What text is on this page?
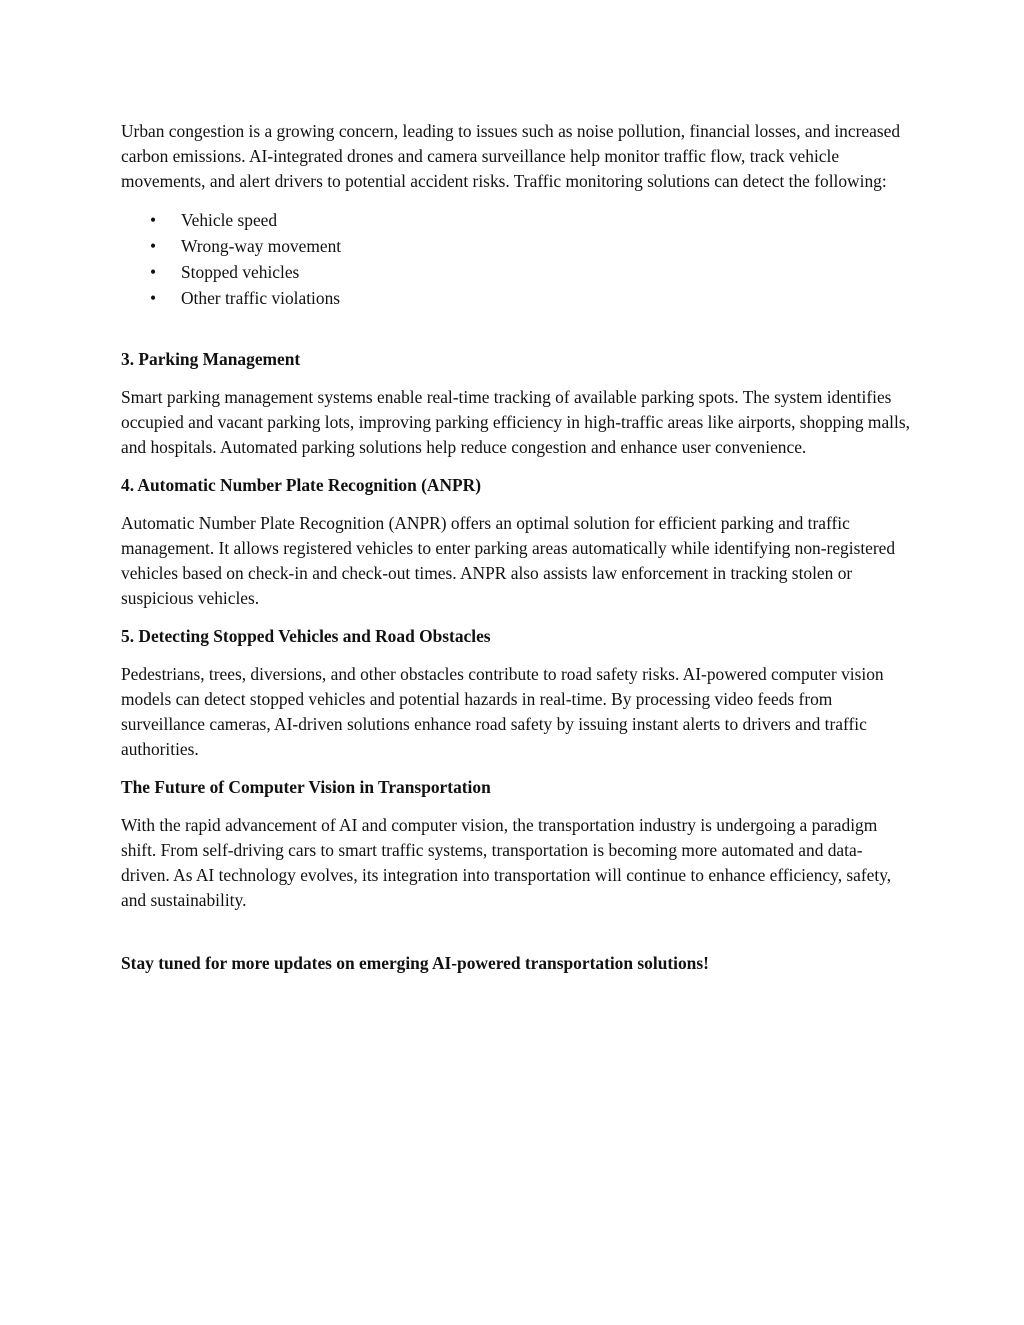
Urban congestion is a growing concern, leading to issues such as noise pollution, financial losses, and increased carbon emissions. AI-integrated drones and camera surveillance help monitor traffic flow, track vehicle movements, and alert drivers to potential accident risks. Traffic monitoring solutions can detect the following:

• Vehicle speed
• Wrong-way movement
• Stopped vehicles
• Other traffic violations
3. Parking Management

Smart parking management systems enable real-time tracking of available parking spots. The system identifies occupied and vacant parking lots, improving parking efficiency in high-traffic areas like airports, shopping malls, and hospitals. Automated parking solutions help reduce congestion and enhance user convenience.

4. Automatic Number Plate Recognition (ANPR)

Automatic Number Plate Recognition (ANPR) offers an optimal solution for efficient parking and traffic management. It allows registered vehicles to enter parking areas automatically while identifying non-registered vehicles based on check-in and check-out times. ANPR also assists law enforcement in tracking stolen or suspicious vehicles.

5. Detecting Stopped Vehicles and Road Obstacles

Pedestrians, trees, diversions, and other obstacles contribute to road safety risks. AI-powered computer vision models can detect stopped vehicles and potential hazards in real-time. By processing video feeds from surveillance cameras, AI-driven solutions enhance road safety by issuing instant alerts to drivers and traffic authorities.

The Future of Computer Vision in Transportation

With the rapid advancement of AI and computer vision, the transportation industry is undergoing a paradigm shift. From self-driving cars to smart traffic systems, transportation is becoming more automated and data-driven. As AI technology evolves, its integration into transportation will continue to enhance efficiency, safety, and sustainability.

Stay tuned for more updates on emerging AI-powered transportation solutions!
